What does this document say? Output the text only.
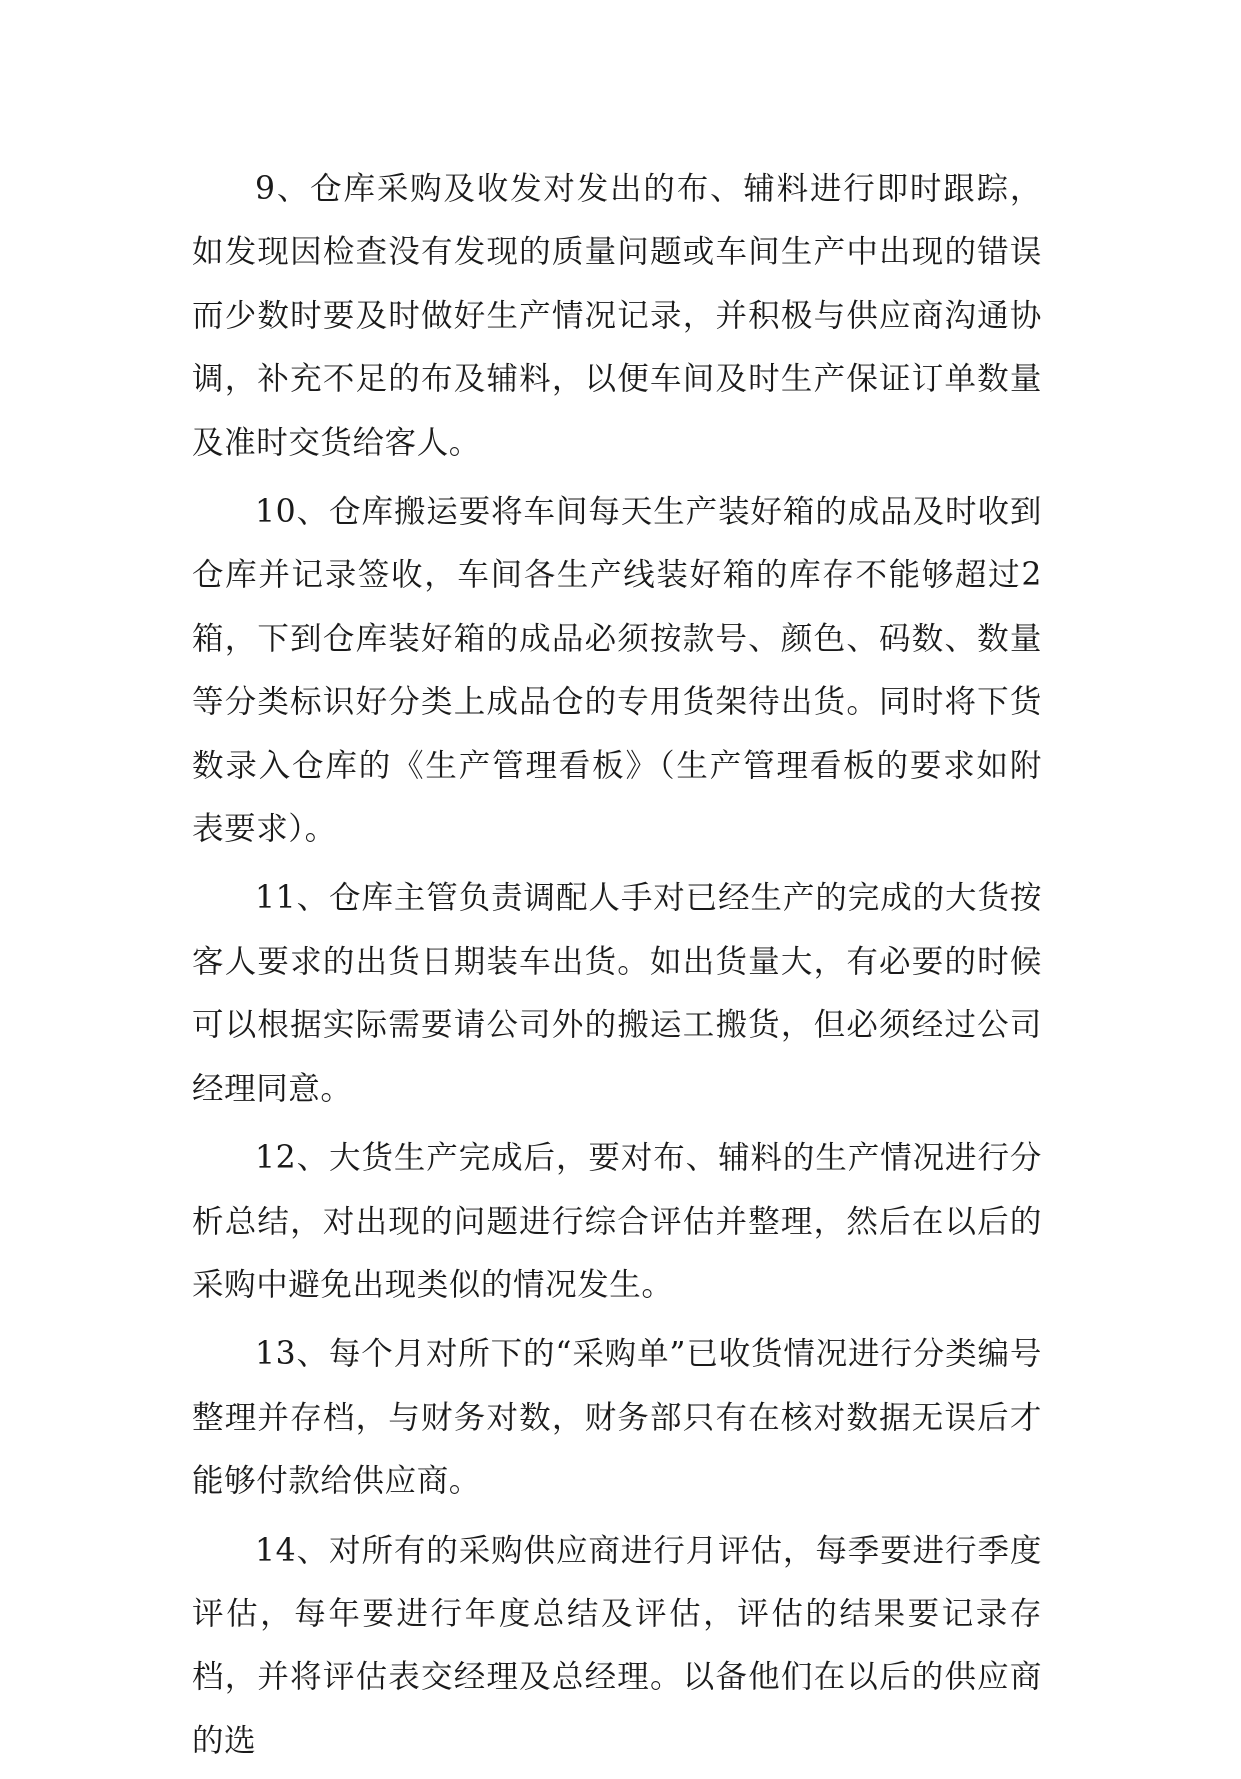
9、仓库采购及收发对发出的布、辅料进行即时跟踪，如发现因检查没有发现的质量问题或车间生产中出现的错误而少数时要及时做好生产情况记录，并积极与供应商沟通协调，补充不足的布及辅料，以便车间及时生产保证订单数量及准时交货给客人。

10、仓库搬运要将车间每天生产装好箱的成品及时收到仓库并记录签收，车间各生产线装好箱的库存不能够超过2箱，下到仓库装好箱的成品必须按款号、颜色、码数、数量等分类标识好分类上成品仓的专用货架待出货。同时将下货数录入仓库的《生产管理看板》（生产管理看板的要求如附表要求）。

11、仓库主管负责调配人手对已经生产的完成的大货按客人要求的出货日期装车出货。如出货量大，有必要的时候可以根据实际需要请公司外的搬运工搬货，但必须经过公司经理同意。

12、大货生产完成后，要对布、辅料的生产情况进行分析总结，对出现的问题进行综合评估并整理，然后在以后的采购中避免出现类似的情况发生。

13、每个月对所下的“采购单”已收货情况进行分类编号整理并存档，与财务对数，财务部只有在核对数据无误后才能够付款给供应商。

14、对所有的采购供应商进行月评估，每季要进行季度评估，每年要进行年度总结及评估，评估的结果要记录存档，并将评估表交经理及总经理。以备他们在以后的供应商的选
